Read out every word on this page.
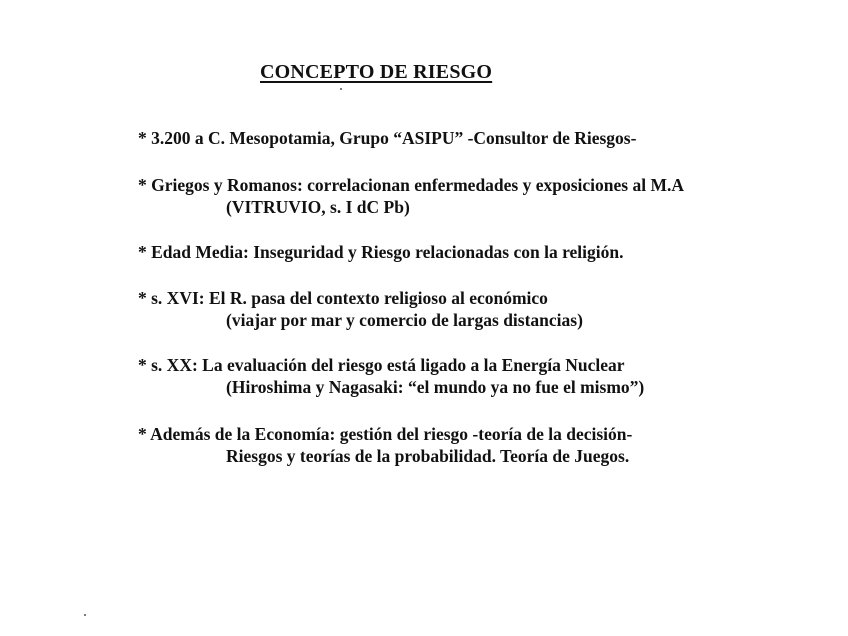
CONCEPTO DE RIESGO
* 3.200 a C. Mesopotamia, Grupo “ASIPU” -Consultor de Riesgos-
* Griegos y Romanos: correlacionan enfermedades y exposiciones al M.A
(VITRUVIO, s. I dC Pb)
* Edad Media: Inseguridad y Riesgo relacionadas con la religión.
* s. XVI: El R. pasa del contexto religioso al económico
(viajar por mar y comercio de largas distancias)
* s. XX: La evaluación del riesgo está ligado a la Energía Nuclear
(Hiroshima y Nagasaki: “el mundo ya no fue el mismo”)
* Además de la Economía: gestión del riesgo -teoría de la decisión-
Riesgos y teorías de la probabilidad. Teoría de Juegos.
